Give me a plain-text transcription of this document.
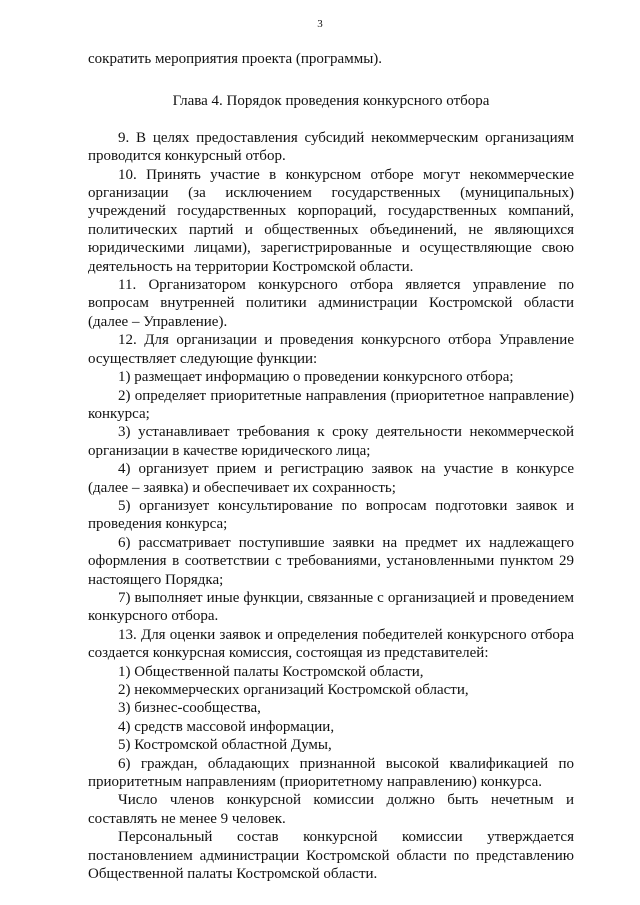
3

сократить мероприятия проекта (программы).

Глава 4. Порядок проведения конкурсного отбора

9. В целях предоставления субсидий некоммерческим организациям проводится конкурсный отбор.

10. Принять участие в конкурсном отборе могут некоммерческие организации (за исключением государственных (муниципальных) учреждений государственных корпораций, государственных компаний, политических партий и общественных объединений, не являющихся юридическими лицами), зарегистрированные и осуществляющие свою деятельность на территории Костромской области.

11. Организатором конкурсного отбора является управление по вопросам внутренней политики администрации Костромской области (далее – Управление).

12. Для организации и проведения конкурсного отбора Управление осуществляет следующие функции:

1) размещает информацию о проведении конкурсного отбора;

2) определяет приоритетные направления (приоритетное направление) конкурса;

3) устанавливает требования к сроку деятельности некоммерческой организации в качестве юридического лица;

4) организует прием и регистрацию заявок на участие в конкурсе (далее – заявка) и обеспечивает их сохранность;

5) организует консультирование по вопросам подготовки заявок и проведения конкурса;

6) рассматривает поступившие заявки на предмет их надлежащего оформления в соответствии с требованиями, установленными пунктом 29 настоящего Порядка;

7) выполняет иные функции, связанные с организацией и проведением конкурсного отбора.

13. Для оценки заявок и определения победителей конкурсного отбора создается конкурсная комиссия, состоящая из представителей:

1) Общественной палаты Костромской области,

2) некоммерческих организаций Костромской области,

3) бизнес-сообщества,

4) средств массовой информации,

5) Костромской областной Думы,

6) граждан, обладающих признанной высокой квалификацией по приоритетным направлениям (приоритетному направлению) конкурса.

Число членов конкурсной комиссии должно быть нечетным и составлять не менее 9 человек.

Персональный состав конкурсной комиссии утверждается постановлением администрации Костромской области по представлению Общественной палаты Костромской области.
